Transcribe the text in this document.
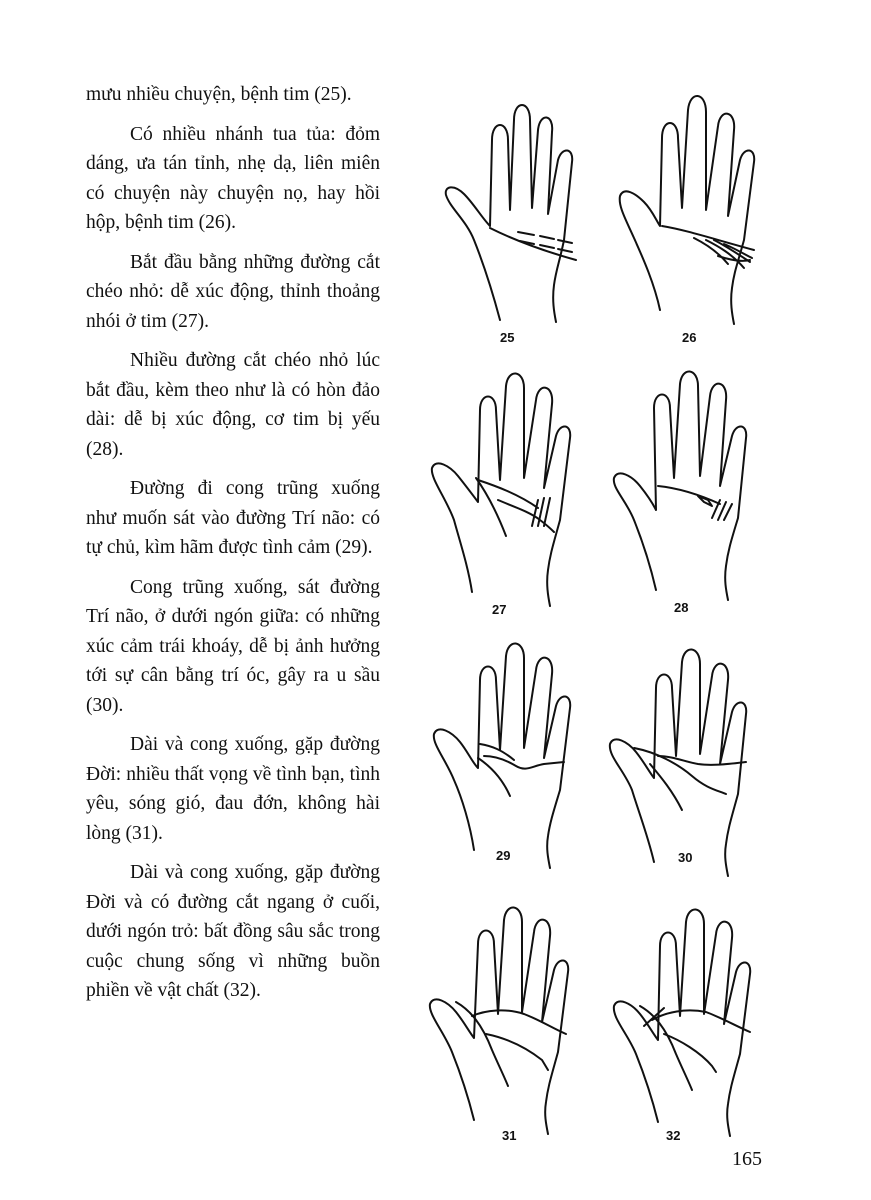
mưu nhiều chuyện, bệnh tim (25).

Có nhiều nhánh tua tủa: đỏm dáng, ưa tán tỉnh, nhẹ dạ, liên miên có chuyện này chuyện nọ, hay hồi hộp, bệnh tim (26).

Bắt đầu bằng những đường cắt chéo nhỏ: dễ xúc động, thỉnh thoảng nhói ở tim (27).

Nhiều đường cắt chéo nhỏ lúc bắt đầu, kèm theo như là có hòn đảo dài: dễ bị xúc động, cơ tim bị yếu (28).

Đường đi cong trũng xuống như muốn sát vào đường Trí não: có tự chủ, kìm hãm được tình cảm (29).

Cong trũng xuống, sát đường Trí não, ở dưới ngón giữa: có những xúc cảm trái khoáy, dễ bị ảnh hưởng tới sự cân bằng trí óc, gây ra u sầu (30).

Dài và cong xuống, gặp đường Đời: nhiều thất vọng về tình bạn, tình yêu, sóng gió, đau đớn, không hài lòng (31).

Dài và cong xuống, gặp đường Đời và có đường cắt ngang ở cuối, dưới ngón trỏ: bất đồng sâu sắc trong cuộc chung sống vì những buồn phiền về vật chất (32).

25	26
27	28
29	30
31	32
165
